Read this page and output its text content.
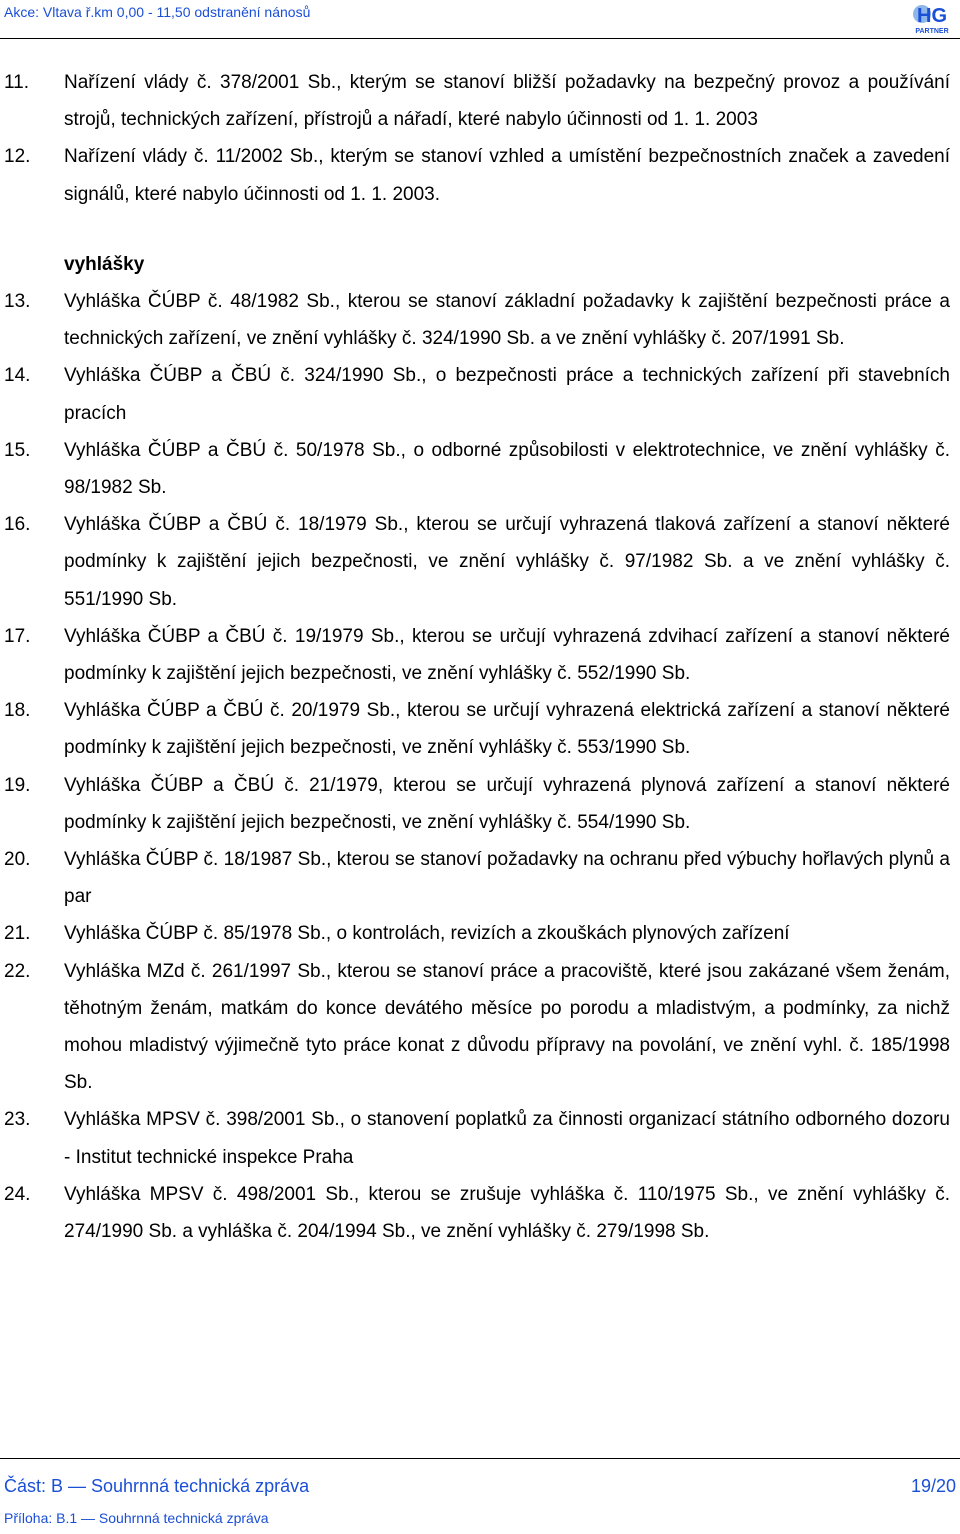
Akce: Vltava ř.km 0,00 - 11,50 odstranění nánosů	HG
PARTNER
11.	Nařízení vlády č. 378/2001 Sb., kterým se stanoví bližší požadavky na bezpečný provoz a používání strojů, technických zařízení, přístrojů a nářadí, které nabylo účinnosti od 1. 1. 2003
12.	Nařízení vlády č. 11/2002 Sb., kterým se stanoví vzhled a umístění bezpečnostních značek a zavedení signálů, které nabylo účinnosti od 1. 1. 2003.
vyhlášky
13.	Vyhláška ČÚBP č. 48/1982 Sb., kterou se stanoví základní požadavky k zajištění bezpečnosti práce a technických zařízení, ve znění vyhlášky č. 324/1990 Sb. a ve znění vyhlášky č. 207/1991 Sb.
14.	Vyhláška ČÚBP a ČBÚ č. 324/1990 Sb., o bezpečnosti práce a technických zařízení při stavebních pracích
15.	Vyhláška ČÚBP a ČBÚ č. 50/1978 Sb., o odborné způsobilosti v elektrotechnice, ve znění vyhlášky č. 98/1982 Sb.
16.	Vyhláška ČÚBP a ČBÚ č. 18/1979 Sb., kterou se určují vyhrazená tlaková zařízení a stanoví některé podmínky k zajištění jejich bezpečnosti, ve znění vyhlášky č. 97/1982 Sb. a ve znění vyhlášky č. 551/1990 Sb.
17.	Vyhláška ČÚBP a ČBÚ č. 19/1979 Sb., kterou se určují vyhrazená zdvihací zařízení a stanoví některé podmínky k zajištění jejich bezpečnosti, ve znění vyhlášky č. 552/1990 Sb.
18.	Vyhláška ČÚBP a ČBÚ č. 20/1979 Sb., kterou se určují vyhrazená elektrická zařízení a stanoví některé podmínky k zajištění jejich bezpečnosti, ve znění vyhlášky č. 553/1990 Sb.
19.	Vyhláška ČÚBP a ČBÚ č. 21/1979, kterou se určují vyhrazená plynová zařízení a stanoví některé podmínky k zajištění jejich bezpečnosti, ve znění vyhlášky č. 554/1990 Sb.
20.	Vyhláška ČÚBP č. 18/1987 Sb., kterou se stanoví požadavky na ochranu před výbuchy hořlavých plynů a par
21.	Vyhláška ČÚBP č. 85/1978 Sb., o kontrolách, revizích a zkouškách plynových zařízení
22.	Vyhláška MZd č. 261/1997 Sb., kterou se stanoví práce a pracoviště, které jsou zakázané všem ženám, těhotným ženám, matkám do konce devátého měsíce po porodu a mladistvým, a podmínky, za nichž mohou mladistvý výjimečně tyto práce konat z důvodu přípravy na povolání, ve znění vyhl. č. 185/1998 Sb.
23.	Vyhláška MPSV č. 398/2001 Sb., o stanovení poplatků za činnosti organizací státního odborného dozoru - Institut technické inspekce Praha
24.	Vyhláška MPSV č. 498/2001 Sb., kterou se zrušuje vyhláška č. 110/1975 Sb., ve znění vyhlášky č. 274/1990 Sb. a vyhláška č. 204/1994 Sb., ve znění vyhlášky č. 279/1998 Sb.
Část: B — Souhrnná technická zpráva	19/20
Příloha: B.1 — Souhrnná technická zpráva
